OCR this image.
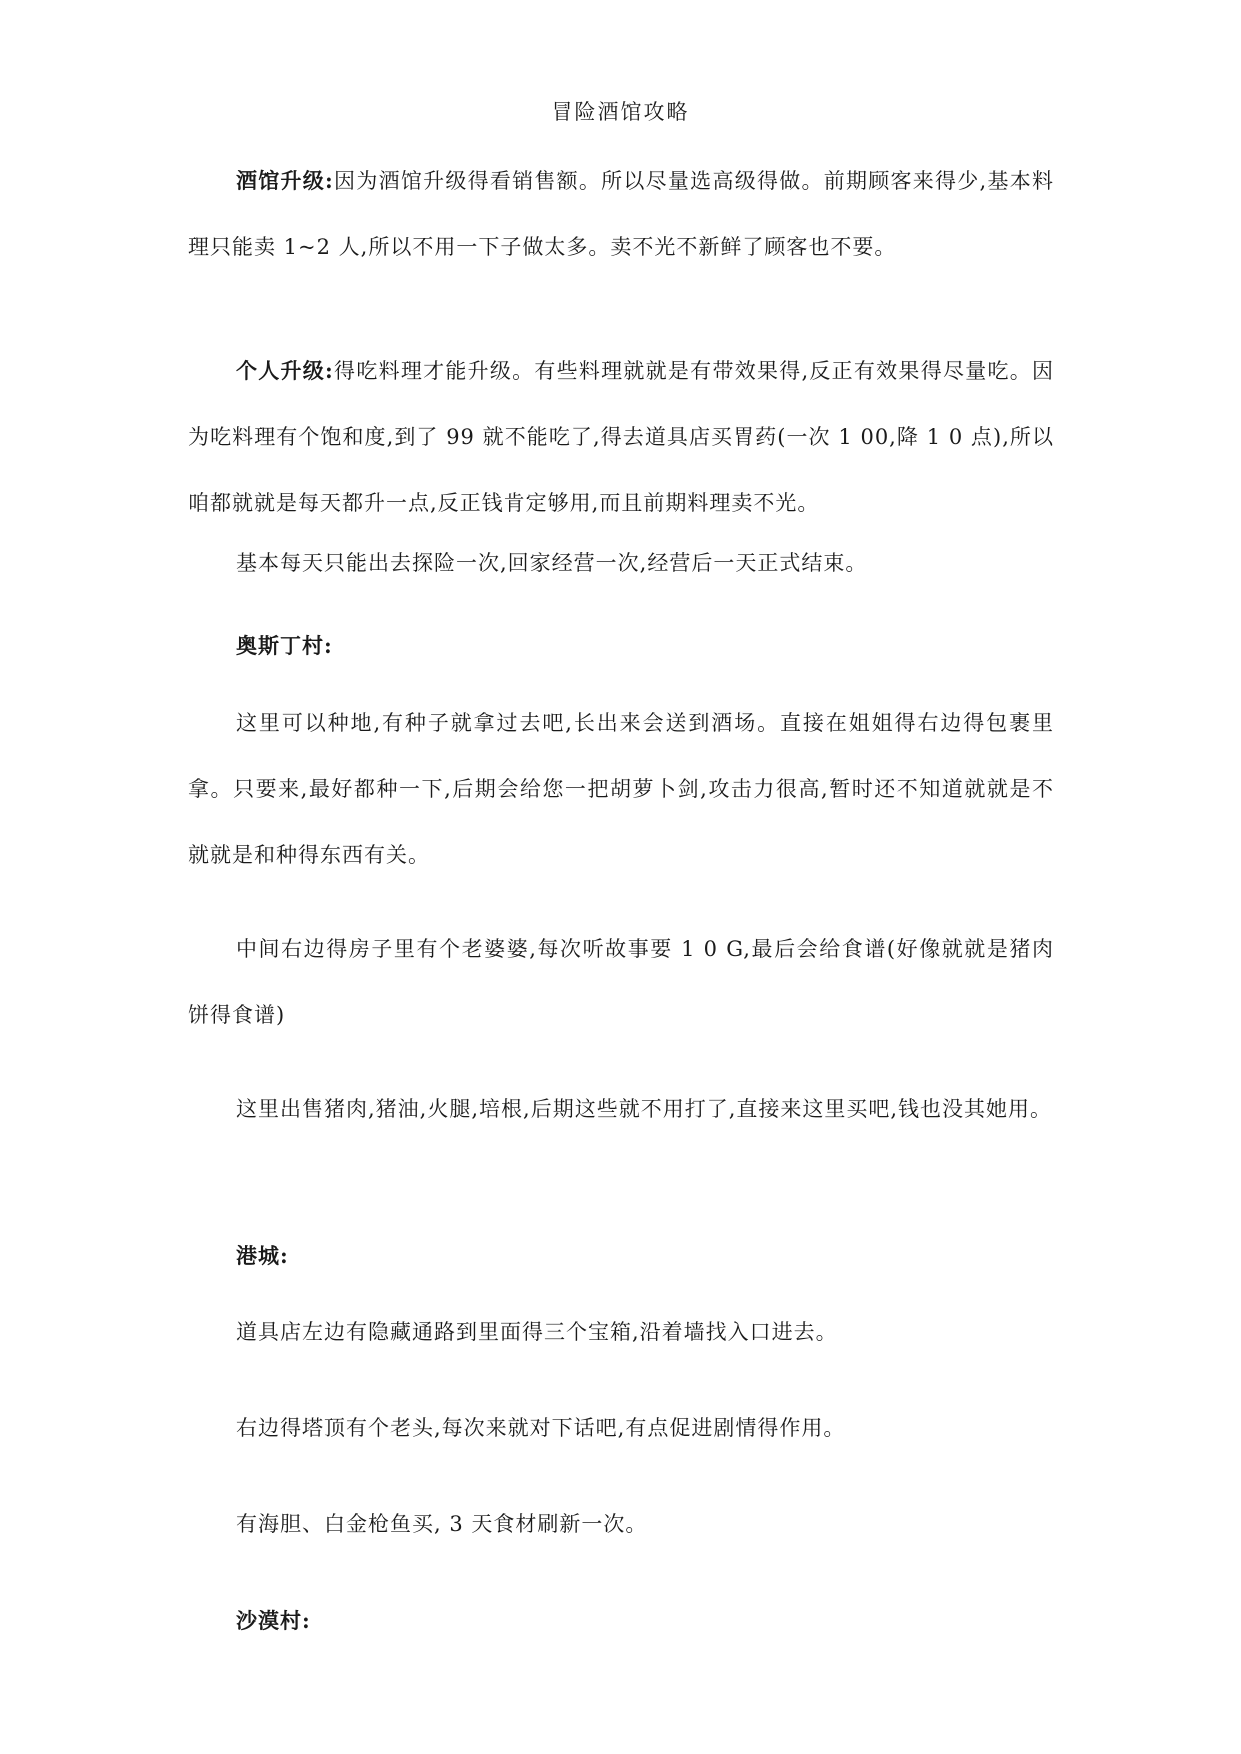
冒险酒馆攻略
酒馆升级:因为酒馆升级得看销售额。所以尽量选高级得做。前期顾客来得少,基本料理只能卖 1~2 人,所以不用一下子做太多。卖不光不新鲜了顾客也不要。
个人升级:得吃料理才能升级。有些料理就就是有带效果得,反正有效果得尽量吃。因为吃料理有个饱和度,到了 99 就不能吃了,得去道具店买胃药(一次 1 00,降 1 0 点),所以咱都就就是每天都升一点,反正钱肯定够用,而且前期料理卖不光。
基本每天只能出去探险一次,回家经营一次,经营后一天正式结束。
奥斯丁村:
这里可以种地,有种子就拿过去吧,长出来会送到酒场。直接在姐姐得右边得包裹里拿。只要来,最好都种一下,后期会给您一把胡萝卜剑,攻击力很高,暂时还不知道就就是不就就是和种得东西有关。
中间右边得房子里有个老婆婆,每次听故事要 1 0 G,最后会给食谱(好像就就是猪肉饼得食谱)
这里出售猪肉,猪油,火腿,培根,后期这些就不用打了,直接来这里买吧,钱也没其她用。
港城:
道具店左边有隐藏通路到里面得三个宝箱,沿着墙找入口进去。
右边得塔顶有个老头,每次来就对下话吧,有点促进剧情得作用。
有海胆、白金枪鱼买, 3 天食材刷新一次。
沙漠村:
